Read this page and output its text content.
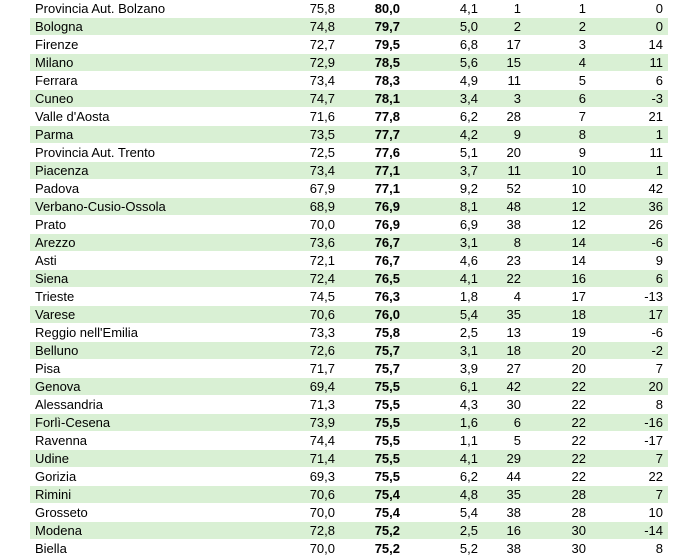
Provincia Aut. Bolzano	75,8	80,0	4,1	1	1	0
Bologna	74,8	79,7	5,0	2	2	0
Firenze	72,7	79,5	6,8	17	3	14
Milano	72,9	78,5	5,6	15	4	11
Ferrara	73,4	78,3	4,9	11	5	6
Cuneo	74,7	78,1	3,4	3	6	-3
Valle d'Aosta	71,6	77,8	6,2	28	7	21
Parma	73,5	77,7	4,2	9	8	1
Provincia Aut. Trento	72,5	77,6	5,1	20	9	11
Piacenza	73,4	77,1	3,7	11	10	1
Padova	67,9	77,1	9,2	52	10	42
Verbano-Cusio-Ossola	68,9	76,9	8,1	48	12	36
Prato	70,0	76,9	6,9	38	12	26
Arezzo	73,6	76,7	3,1	8	14	-6
Asti	72,1	76,7	4,6	23	14	9
Siena	72,4	76,5	4,1	22	16	6
Trieste	74,5	76,3	1,8	4	17	-13
Varese	70,6	76,0	5,4	35	18	17
Reggio nell'Emilia	73,3	75,8	2,5	13	19	-6
Belluno	72,6	75,7	3,1	18	20	-2
Pisa	71,7	75,7	3,9	27	20	7
Genova	69,4	75,5	6,1	42	22	20
Alessandria	71,3	75,5	4,3	30	22	8
Forlì-Cesena	73,9	75,5	1,6	6	22	-16
Ravenna	74,4	75,5	1,1	5	22	-17
Udine	71,4	75,5	4,1	29	22	7
Gorizia	69,3	75,5	6,2	44	22	22
Rimini	70,6	75,4	4,8	35	28	7
Grosseto	70,0	75,4	5,4	38	28	10
Modena	72,8	75,2	2,5	16	30	-14
Biella	70,0	75,2	5,2	38	30	8
